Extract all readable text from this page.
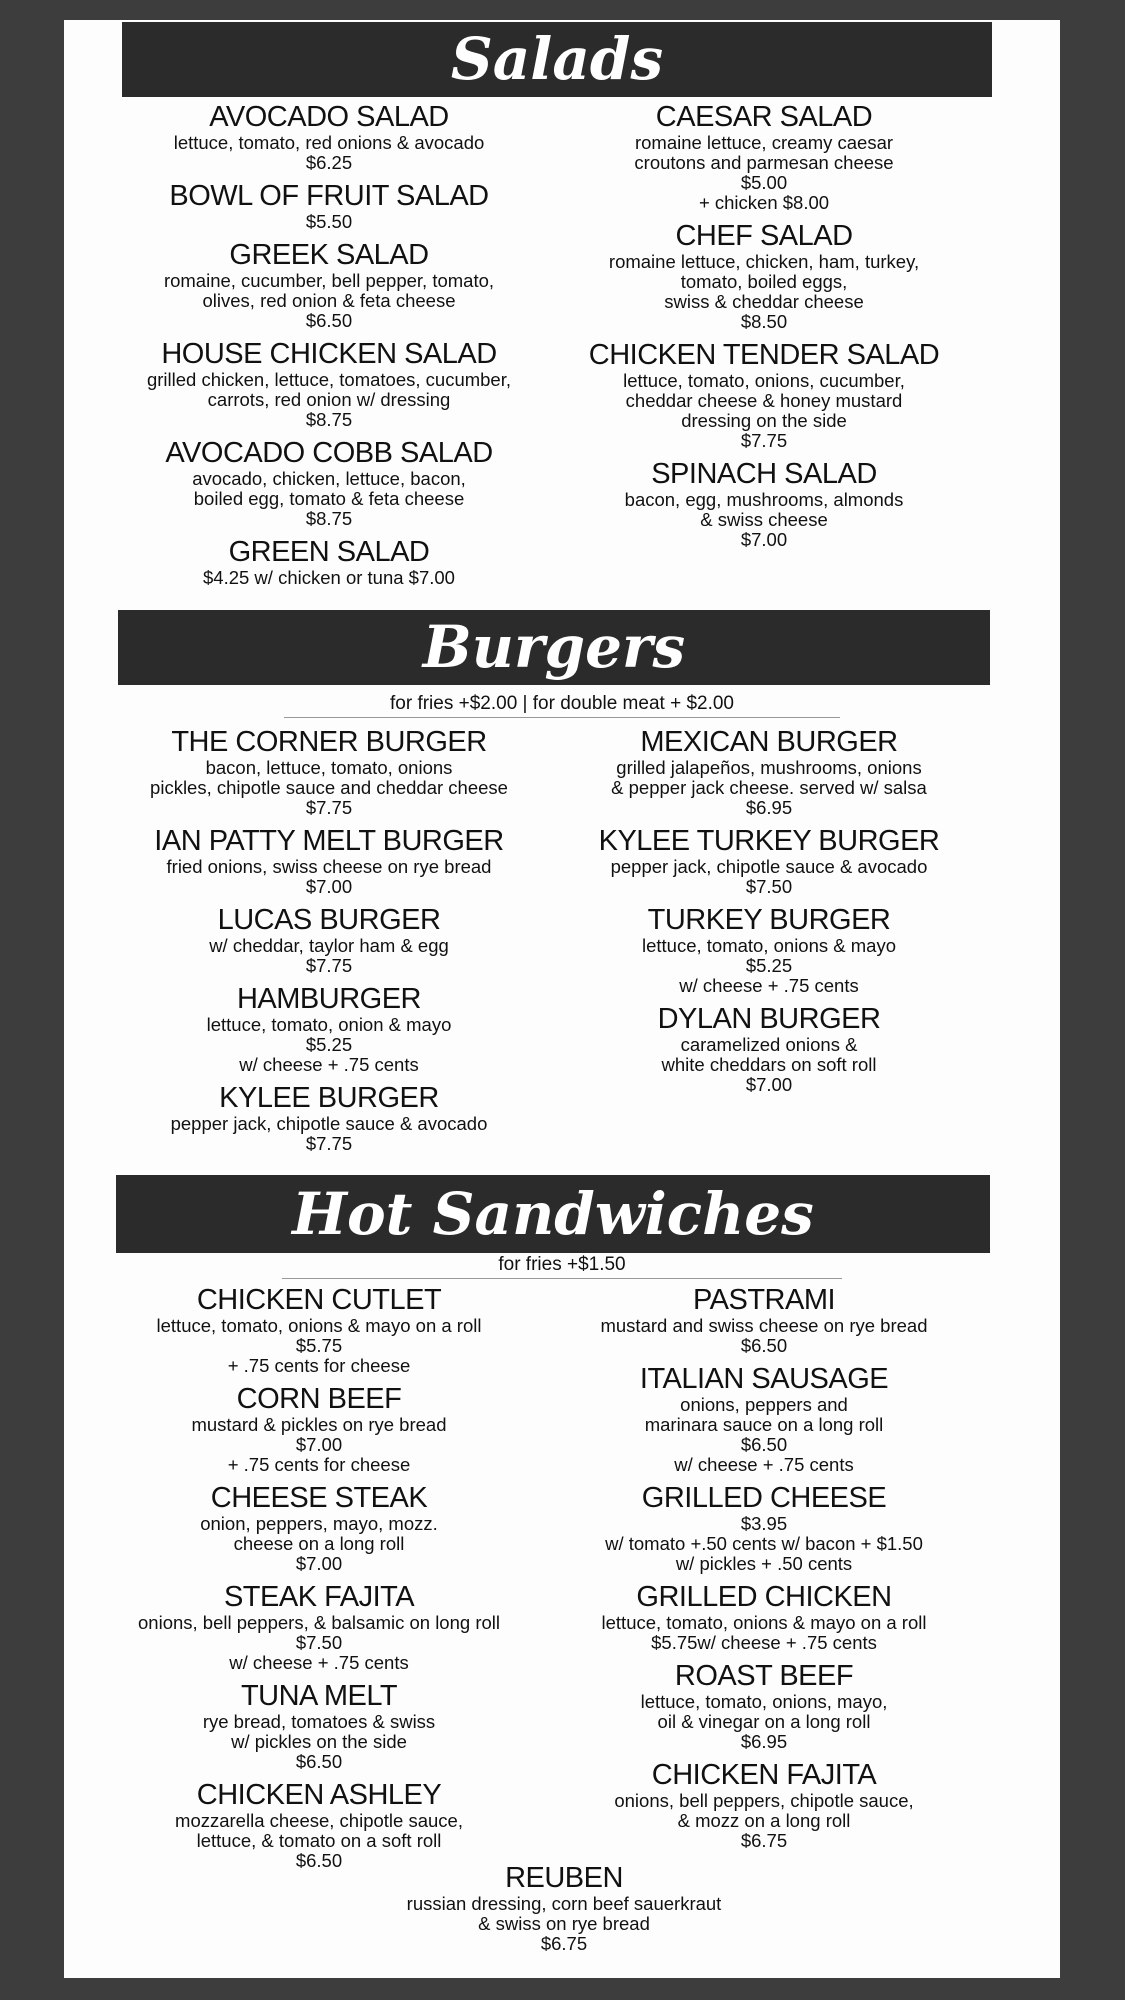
Salads
AVOCADO SALAD
lettuce, tomato, red onions & avocado
$6.25
BOWL OF FRUIT SALAD
$5.50
GREEK SALAD
romaine, cucumber, bell pepper, tomato,
olives, red onion & feta cheese
$6.50
HOUSE CHICKEN SALAD
grilled chicken, lettuce, tomatoes, cucumber,
carrots, red onion w/ dressing
$8.75
AVOCADO COBB SALAD
avocado, chicken, lettuce, bacon,
boiled egg, tomato & feta cheese
$8.75
GREEN SALAD
$4.25 w/ chicken or tuna $7.00
CAESAR SALAD
romaine lettuce, creamy caesar
croutons and parmesan cheese
$5.00
+ chicken $8.00
CHEF SALAD
romaine lettuce, chicken, ham, turkey,
tomato, boiled eggs,
swiss & cheddar cheese
$8.50
CHICKEN TENDER SALAD
lettuce, tomato, onions, cucumber,
cheddar cheese & honey mustard
dressing on the side
$7.75
SPINACH SALAD
bacon, egg, mushrooms, almonds
& swiss cheese
$7.00
Burgers
for fries +$2.00 | for double meat + $2.00
THE CORNER BURGER
bacon, lettuce, tomato, onions
pickles, chipotle sauce and cheddar cheese
$7.75
IAN PATTY MELT BURGER
fried onions, swiss cheese on rye bread
$7.00
LUCAS BURGER
w/ cheddar, taylor ham & egg
$7.75
HAMBURGER
lettuce, tomato, onion & mayo
$5.25
w/ cheese + .75 cents
KYLEE BURGER
pepper jack, chipotle sauce & avocado
$7.75
MEXICAN BURGER
grilled jalapeños, mushrooms, onions
& pepper jack cheese. served w/ salsa
$6.95
KYLEE TURKEY BURGER
pepper jack, chipotle sauce & avocado
$7.50
TURKEY BURGER
lettuce, tomato, onions & mayo
$5.25
w/ cheese + .75 cents
DYLAN BURGER
caramelized onions &
white cheddars on soft roll
$7.00
Hot Sandwiches
for fries +$1.50
CHICKEN CUTLET
lettuce, tomato, onions & mayo on a roll
$5.75
+ .75 cents for cheese
CORN BEEF
mustard & pickles on rye bread
$7.00
+ .75 cents for cheese
CHEESE STEAK
onion, peppers, mayo, mozz.
cheese on a long roll
$7.00
STEAK FAJITA
onions, bell peppers, & balsamic on long roll
$7.50
w/ cheese + .75 cents
TUNA MELT
rye bread, tomatoes & swiss
w/ pickles on the side
$6.50
CHICKEN ASHLEY
mozzarella cheese, chipotle sauce,
lettuce, & tomato on a soft roll
$6.50
PASTRAMI
mustard and swiss cheese on rye bread
$6.50
ITALIAN SAUSAGE
onions, peppers and
marinara sauce on a long roll
$6.50
w/ cheese + .75 cents
GRILLED CHEESE
$3.95
w/ tomato +.50 cents w/ bacon + $1.50
w/ pickles + .50 cents
GRILLED CHICKEN
lettuce, tomato, onions & mayo on a roll
$5.75w/ cheese + .75 cents
ROAST BEEF
lettuce, tomato, onions, mayo,
oil & vinegar on a long roll
$6.95
CHICKEN FAJITA
onions, bell peppers, chipotle sauce,
& mozz on a long roll
$6.75
REUBEN
russian dressing, corn beef sauerkraut
& swiss on rye bread
$6.75
